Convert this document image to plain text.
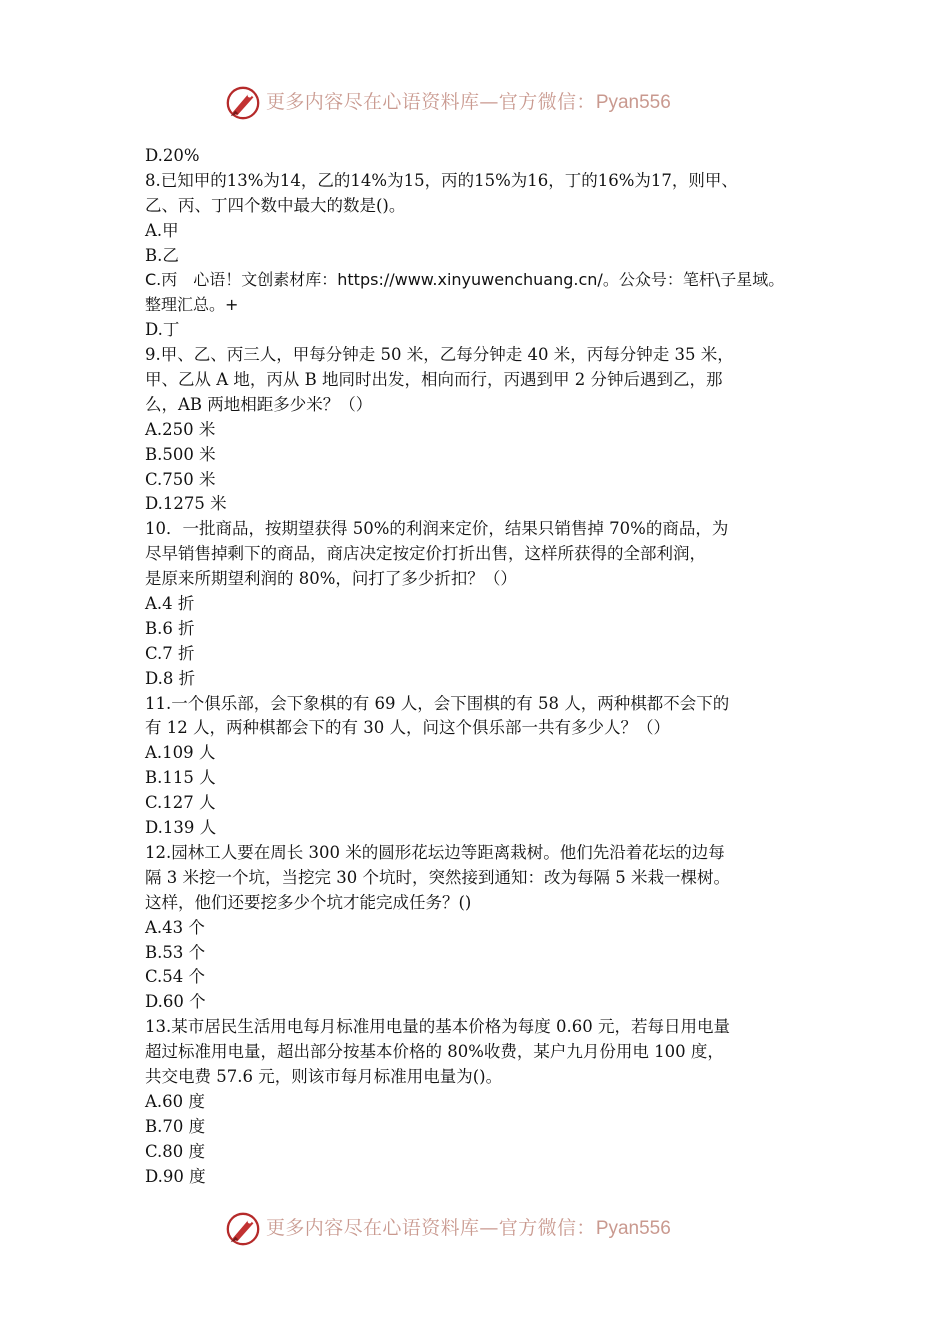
更多内容尽在心语资料库—官方微信：Pyan556
D.20%
8.已知甲的13%为14，乙的14%为15，丙的15%为16，丁的16%为17，则甲、
乙、丙、丁四个数中最大的数是()。
A.甲
B.乙
C.丙　心语！文创素材库：https://www.xinyuwenchuang.cn/。公众号：笔杆\子星域。
整理汇总。+
D.丁
9.甲、乙、丙三人，甲每分钟走 50 米，乙每分钟走 40 米，丙每分钟走 35 米，
甲、乙从 A 地，丙从 B 地同时出发，相向而行，丙遇到甲 2 分钟后遇到乙，那
么，AB 两地相距多少米？（）
A.250 米
B.500 米
C.750 米
D.1275 米
10．一批商品，按期望获得 50%的利润来定价，结果只销售掉 70%的商品，为
尽早销售掉剩下的商品，商店决定按定价打折出售，这样所获得的全部利润，
是原来所期望利润的 80%，问打了多少折扣？（）
A.4 折
B.6 折
C.7 折
D.8 折
11.一个俱乐部，会下象棋的有 69 人，会下围棋的有 58 人，两种棋都不会下的
有 12 人，两种棋都会下的有 30 人，问这个俱乐部一共有多少人？（）
A.109 人
B.115 人
C.127 人
D.139 人
12.园林工人要在周长 300 米的圆形花坛边等距离栽树。他们先沿着花坛的边每
隔 3 米挖一个坑，当挖完 30 个坑时，突然接到通知：改为每隔 5 米栽一棵树。
这样，他们还要挖多少个坑才能完成任务？()
A.43 个
B.53 个
C.54 个
D.60 个
13.某市居民生活用电每月标准用电量的基本价格为每度 0.60 元，若每日用电量
超过标准用电量，超出部分按基本价格的 80%收费，某户九月份用电 100 度，
共交电费 57.6 元，则该市每月标准用电量为()。
A.60 度
B.70 度
C.80 度
D.90 度
更多内容尽在心语资料库—官方微信：Pyan556
